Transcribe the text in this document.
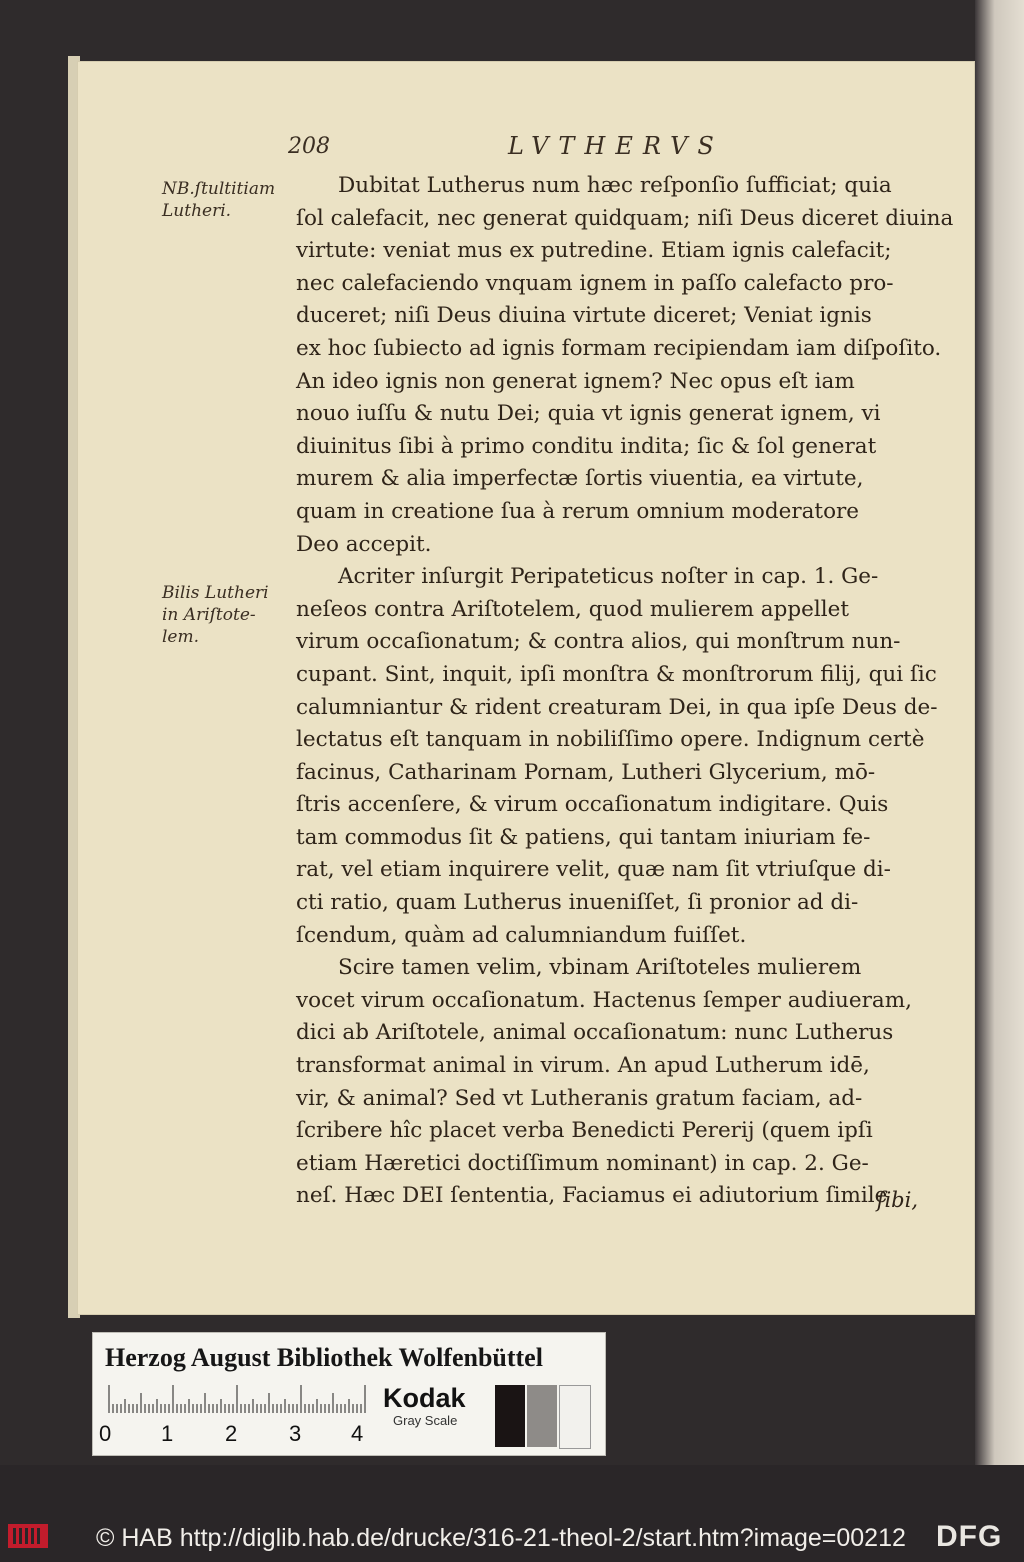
208	LVTHERVS
NB.ſtultitiam
Lutheri.
Bilis Lutheri
in Ariſtote-
lem.

Dubitat Lutherus num hæc reſponſio ſufficiat; quia
ſol calefacit, nec generat quidquam; niſi Deus diceret diuina
virtute: veniat mus ex putredine. Etiam ignis calefacit;
nec calefaciendo vnquam ignem in paſſo calefacto pro-
duceret; niſi Deus diuina virtute diceret; Veniat ignis
ex hoc ſubiecto ad ignis formam recipiendam iam diſpoſito.
An ideo ignis non generat ignem? Nec opus eſt iam
nouo iuſſu & nutu Dei; quia vt ignis generat ignem, vi
diuinitus ſibi à primo conditu indita; ſic & ſol generat
murem & alia imperfectæ ſortis viuentia, ea virtute,
quam in creatione ſua à rerum omnium moderatore
Deo accepit.

Acriter inſurgit Peripateticus noſter in cap. 1. Ge-
neſeos contra Ariſtotelem, quod mulierem appellet
virum occaſionatum; & contra alios, qui monſtrum nun-
cupant. Sint, inquit, ipſi monſtra & monſtrorum filij, qui ſic
calumniantur & rident creaturam Dei, in qua ipſe Deus de-
lectatus eſt tanquam in nobiliſſimo opere. Indignum certè
facinus, Catharinam Pornam, Lutheri Glycerium, mō-
ſtris accenſere, & virum occaſionatum indigitare. Quis
tam commodus ſit & patiens, qui tantam iniuriam fe-
rat, vel etiam inquirere velit, quæ nam ſit vtriuſque di-
cti ratio, quam Lutherus inueniſſet, ſi pronior ad di-
ſcendum, quàm ad calumniandum fuiſſet.

Scire tamen velim, vbinam Ariſtoteles mulierem
vocet virum occaſionatum. Hactenus ſemper audiueram,
dici ab Ariſtotele, animal occaſionatum: nunc Lutherus
transformat animal in virum. An apud Lutherum idē,
vir, & animal? Sed vt Lutheranis gratum faciam, ad-
ſcribere hîc placet verba Benedicti Pererij (quem ipſi
etiam Hæretici doctiſſimum nominant) in cap. 2. Ge-
neſ. Hæc DEI ſententia, Faciamus ei adiutorium ſimile

ſibi,
Herzog August Bibliothek Wolfenbüttel
0 1 2 3 4
Kodak
Gray Scale
© HAB http://diglib.hab.de/drucke/316-21-theol-2/start.htm?image=00212 DFG
